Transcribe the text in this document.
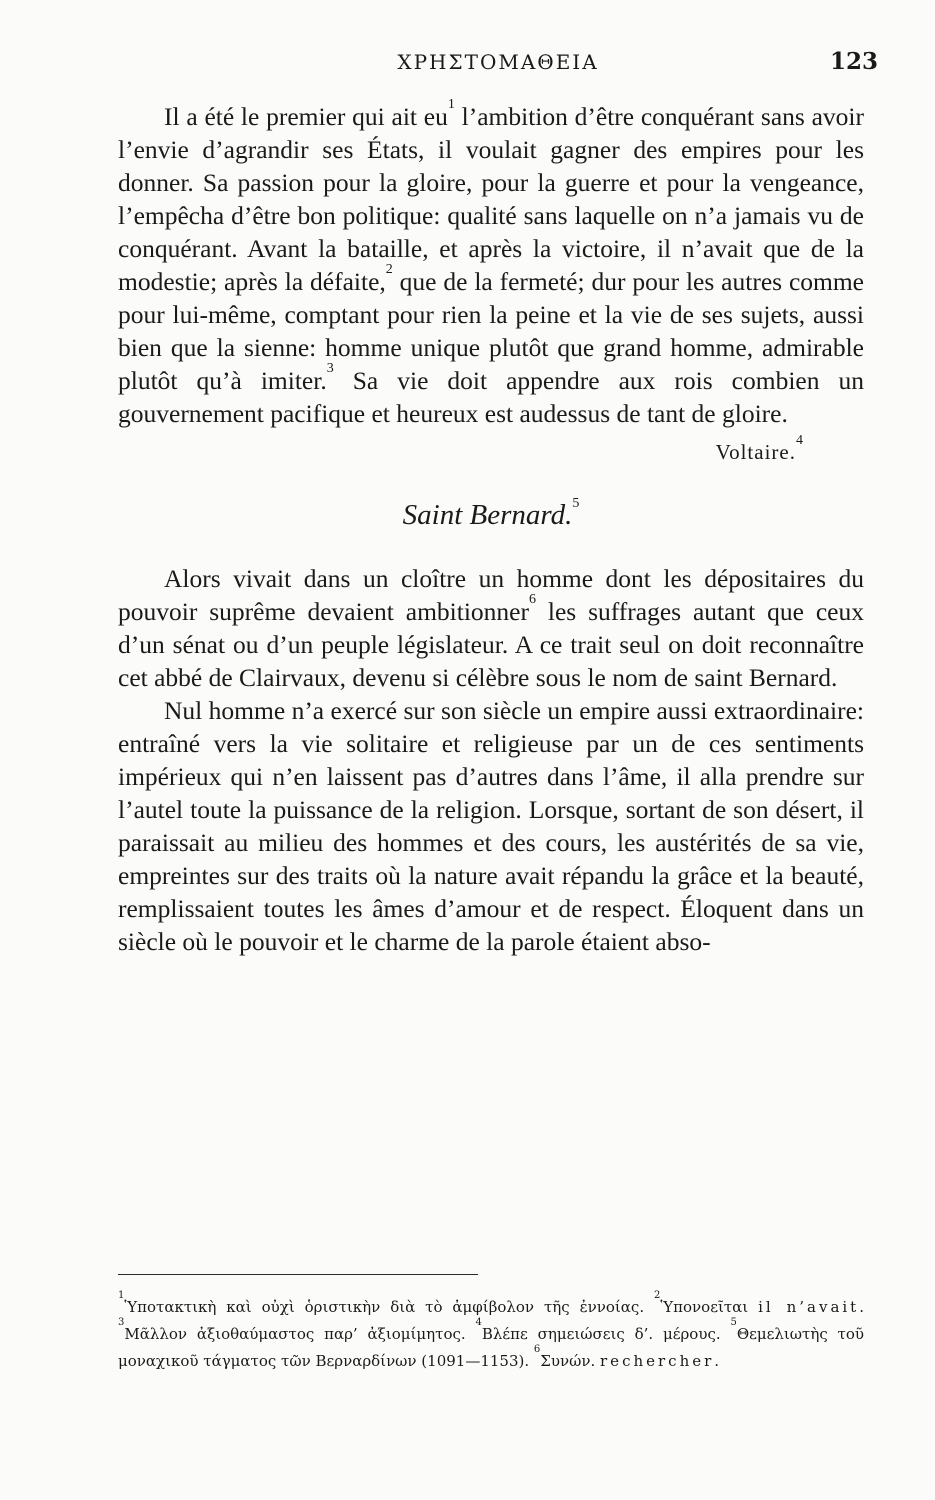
ΧΡΗΣΤΟΜΑΘΕΙΑ	123

Il a été le premier qui ait $eu^1$ l’ambition d’être conquérant sans avoir l’envie d’agrandir ses États, il voulait gagner des empires pour les donner. Sa passion pour la gloire, pour la guerre et pour la vengeance, l’empêcha d’être bon politique: qualité sans laquelle on n’a jamais vu de conquérant. Avant la bataille, et après la victoire, il n’avait que de la modestie; après la défaite,$^2$ que de la fermeté; dur pour les autres comme pour lui-même, comptant pour rien la peine et la vie de ses sujets, aussi bien que la sienne: homme unique plutôt que grand homme, admirable plutôt qu’à imiter.$^3$ Sa vie doit appendre aux rois combien un gouvernement pacifique et heureux est audessus de tant de gloire.

Voltaire.$^4$

Saint Bernard.$^5$

Alors vivait dans un cloître un homme dont les dépositaires du pouvoir suprême devaient ambitionner$^6$ les suffrages autant que ceux d’un sénat ou d’un peuple législateur. A ce trait seul on doit reconnaître cet abbé de Clairvaux, devenu si célèbre sous le nom de saint Bernard.

Nul homme n’a exercé sur son siècle un empire aussi extraordinaire: entraîné vers la vie solitaire et religieuse par un de ces sentiments impérieux qui n’en laissent pas d’autres dans l’âme, il alla prendre sur l’autel toute la puissance de la religion. Lorsque, sortant de son désert, il paraissait au milieu des hommes et des cours, les austérités de sa vie, empreintes sur des traits où la nature avait répandu la grâce et la beauté, remplissaient toutes les âmes d’amour et de respect. Éloquent dans un siècle où le pouvoir et le charme de la parole étaient abso-

$^1$Ὑποτακτικὴ καὶ οὐχὶ ὁριστικὴν διὰ τὸ ἀμφίβολον τῆς ἐννοίας. $^2$Ὑπονοεῖται il n’avait. $^3$Μᾶλλον ἀξιοθαύμαστος παρ’ ἀξιομίμητος. $^4$Βλέπε σημειώσεις δ’. μέρους. $^5$Θεμελιωτὴς τοῦ μοναχικοῦ τάγματος τῶν Βερναρδίνων (1091—1153). $^6$Συνών. rechercher.
